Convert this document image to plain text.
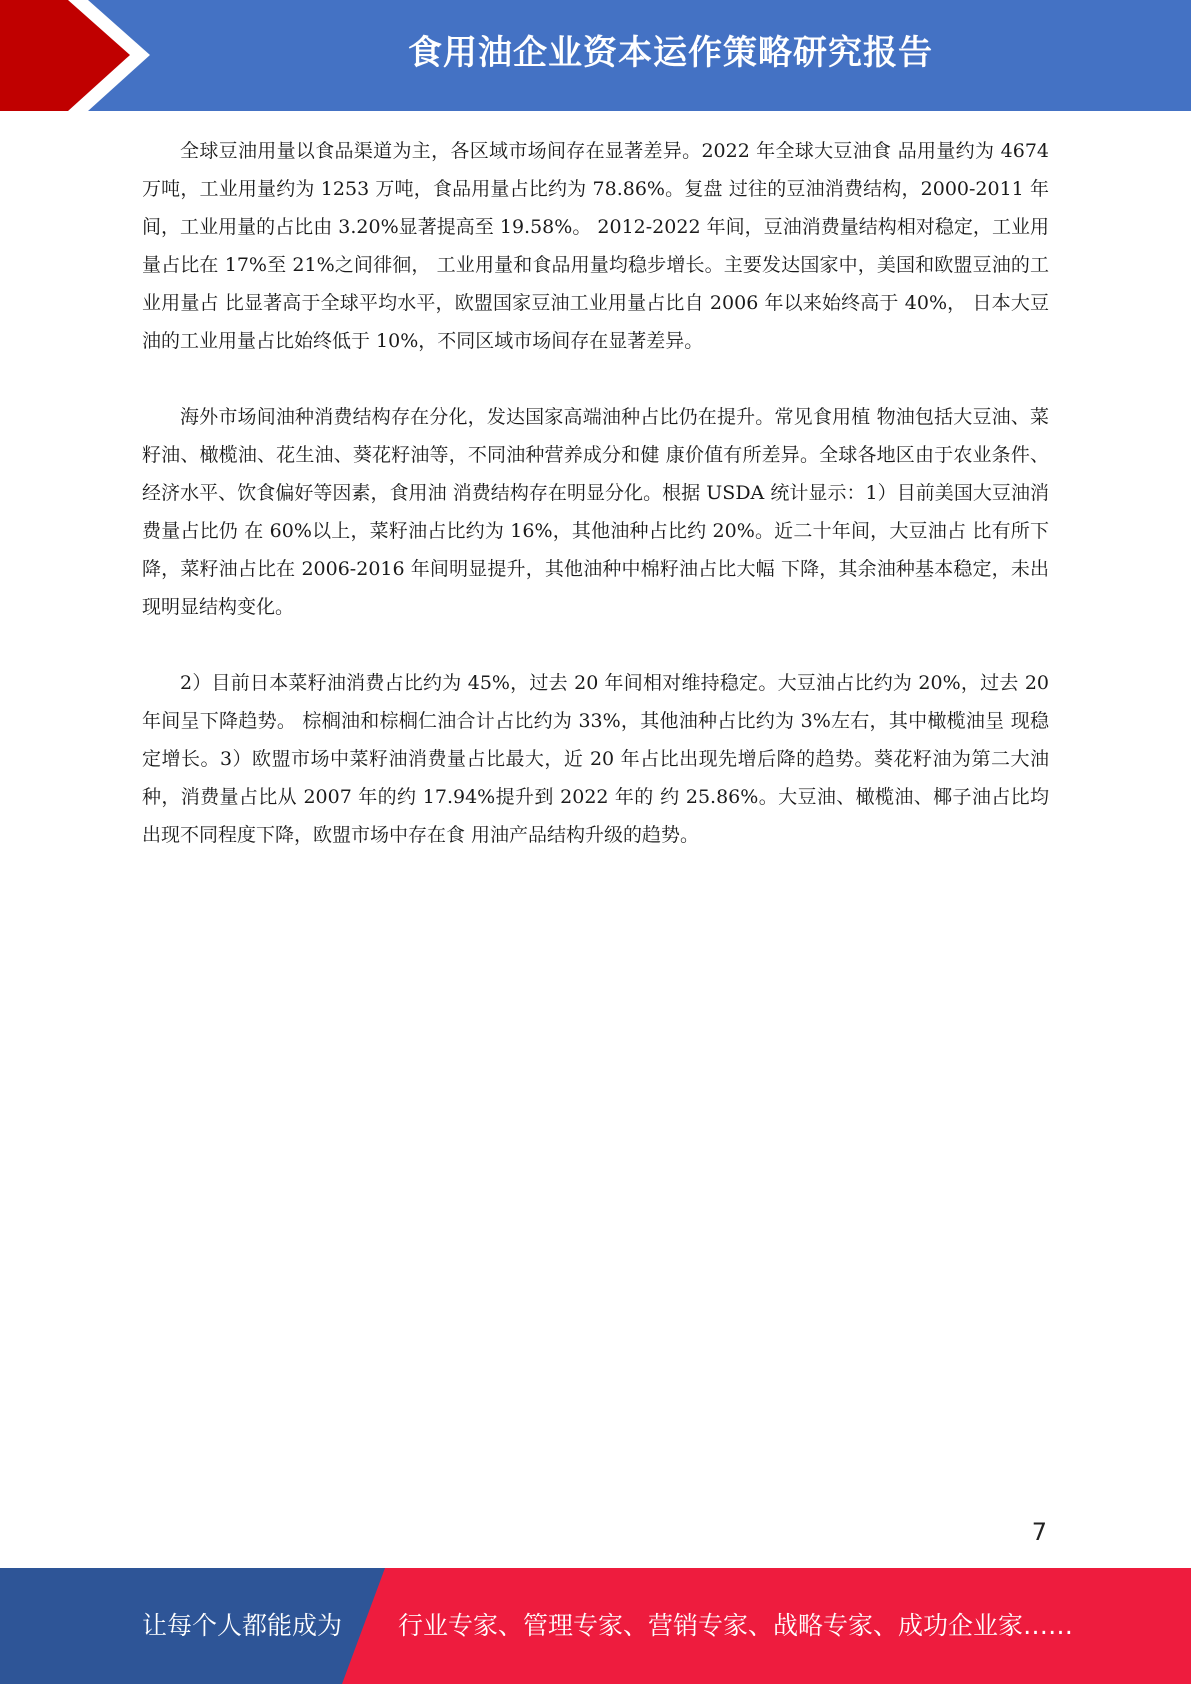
食用油企业资本运作策略研究报告

全球豆油用量以食品渠道为主，各区域市场间存在显著差异。2022 年全球大豆油食 品用量约为 4674 万吨，工业用量约为 1253 万吨，食品用量占比约为 78.86%。复盘 过往的豆油消费结构，2000-2011 年间，工业用量的占比由 3.20%显著提高至 19.58%。 2012-2022 年间，豆油消费量结构相对稳定，工业用量占比在 17%至 21%之间徘徊， 工业用量和食品用量均稳步增长。主要发达国家中，美国和欧盟豆油的工业用量占 比显著高于全球平均水平，欧盟国家豆油工业用量占比自 2006 年以来始终高于 40%， 日本大豆油的工业用量占比始终低于 10%，不同区域市场间存在显著差异。

海外市场间油种消费结构存在分化，发达国家高端油种占比仍在提升。常见食用植 物油包括大豆油、菜籽油、橄榄油、花生油、葵花籽油等，不同油种营养成分和健 康价值有所差异。全球各地区由于农业条件、经济水平、饮食偏好等因素，食用油 消费结构存在明显分化。根据 USDA 统计显示：1）目前美国大豆油消费量占比仍 在 60%以上，菜籽油占比约为 16%，其他油种占比约 20%。近二十年间，大豆油占 比有所下降，菜籽油占比在 2006-2016 年间明显提升，其他油种中棉籽油占比大幅 下降，其余油种基本稳定，未出现明显结构变化。

2）目前日本菜籽油消费占比约为 45%，过去 20 年间相对维持稳定。大豆油占比约为 20%，过去 20 年间呈下降趋势。 棕榈油和棕榈仁油合计占比约为 33%，其他油种占比约为 3%左右，其中橄榄油呈 现稳定增长。3）欧盟市场中菜籽油消费量占比最大，近 20 年占比出现先增后降的趋势。葵花籽油为第二大油种，消费量占比从 2007 年的约 17.94%提升到 2022 年的 约 25.86%。大豆油、橄榄油、椰子油占比均出现不同程度下降，欧盟市场中存在食 用油产品结构升级的趋势。

7
让每个人都能成为 行业专家、管理专家、营销专家、战略专家、成功企业家……
